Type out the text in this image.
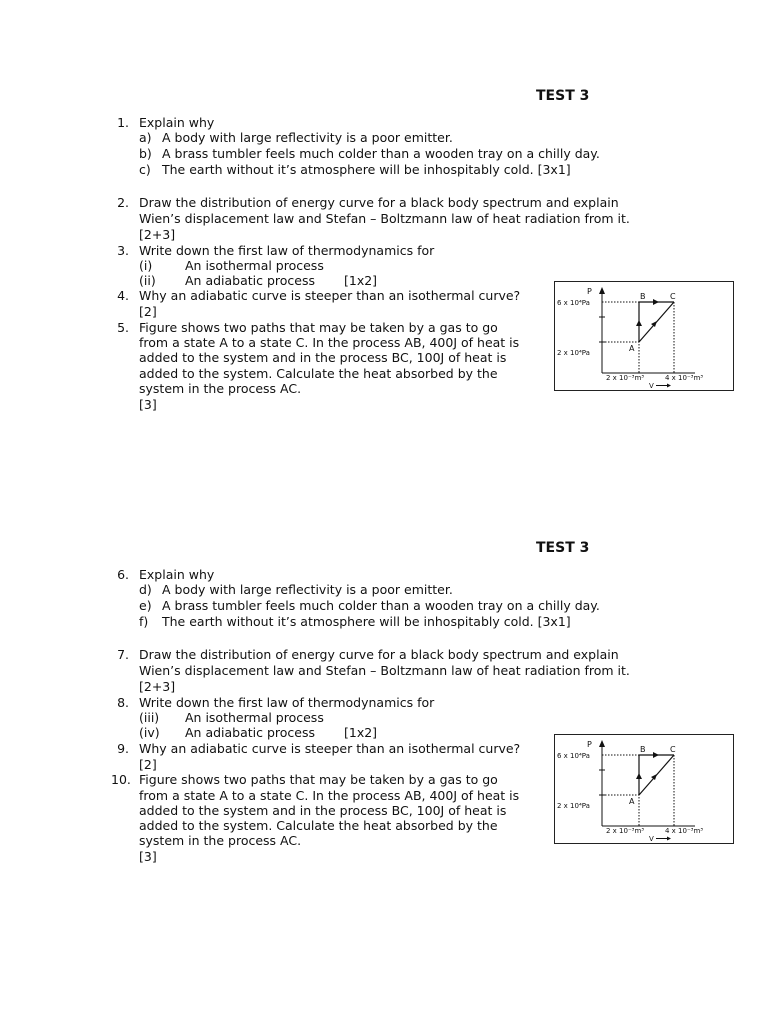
TEST 3
1. Explain why
a) A body with large reflectivity is a poor emitter.
b) A brass tumbler feels much colder than a wooden tray on a chilly day.
c) The earth without it’s atmosphere will be inhospitably cold. [3x1]
2. Draw the distribution of energy curve for a black body spectrum and explain
Wien’s displacement law and Stefan – Boltzmann law of heat radiation from it.
[2+3]
3. Write down the first law of thermodynamics for
(i)	An isothermal process
(ii) An adiabatic process [1x2]
4. Why an adiabatic curve is steeper than an isothermal curve?
[2]
5. Figure shows two paths that may be taken by a gas to go
from a state A to a state C. In the process AB, 400J of heat is
added to the system and in the process BC, 100J of heat is
added to the system. Calculate the heat absorbed by the
system in the process AC.
[3]
P
6 x 10⁴Pa
2 x 10⁴Pa
2 x 10⁻³m³	4 x 10⁻³m³
V
A
B	C
TEST 3
6. Explain why
d) A body with large reflectivity is a poor emitter.
e) A brass tumbler feels much colder than a wooden tray on a chilly day.
f) The earth without it’s atmosphere will be inhospitably cold. [3x1]
7. Draw the distribution of energy curve for a black body spectrum and explain
Wien’s displacement law and Stefan – Boltzmann law of heat radiation from it.
[2+3]
8. Write down the first law of thermodynamics for
(iii) An isothermal process
(iv) An adiabatic process [1x2]
9. Why an adiabatic curve is steeper than an isothermal curve?
[2]
10. Figure shows two paths that may be taken by a gas to go
from a state A to a state C. In the process AB, 400J of heat is
added to the system and in the process BC, 100J of heat is
added to the system. Calculate the heat absorbed by the
system in the process AC.
[3]
P
6 x 10⁴Pa
2 x 10⁴Pa
2 x 10⁻³m³	4 x 10⁻³m³
V
A
B	C
